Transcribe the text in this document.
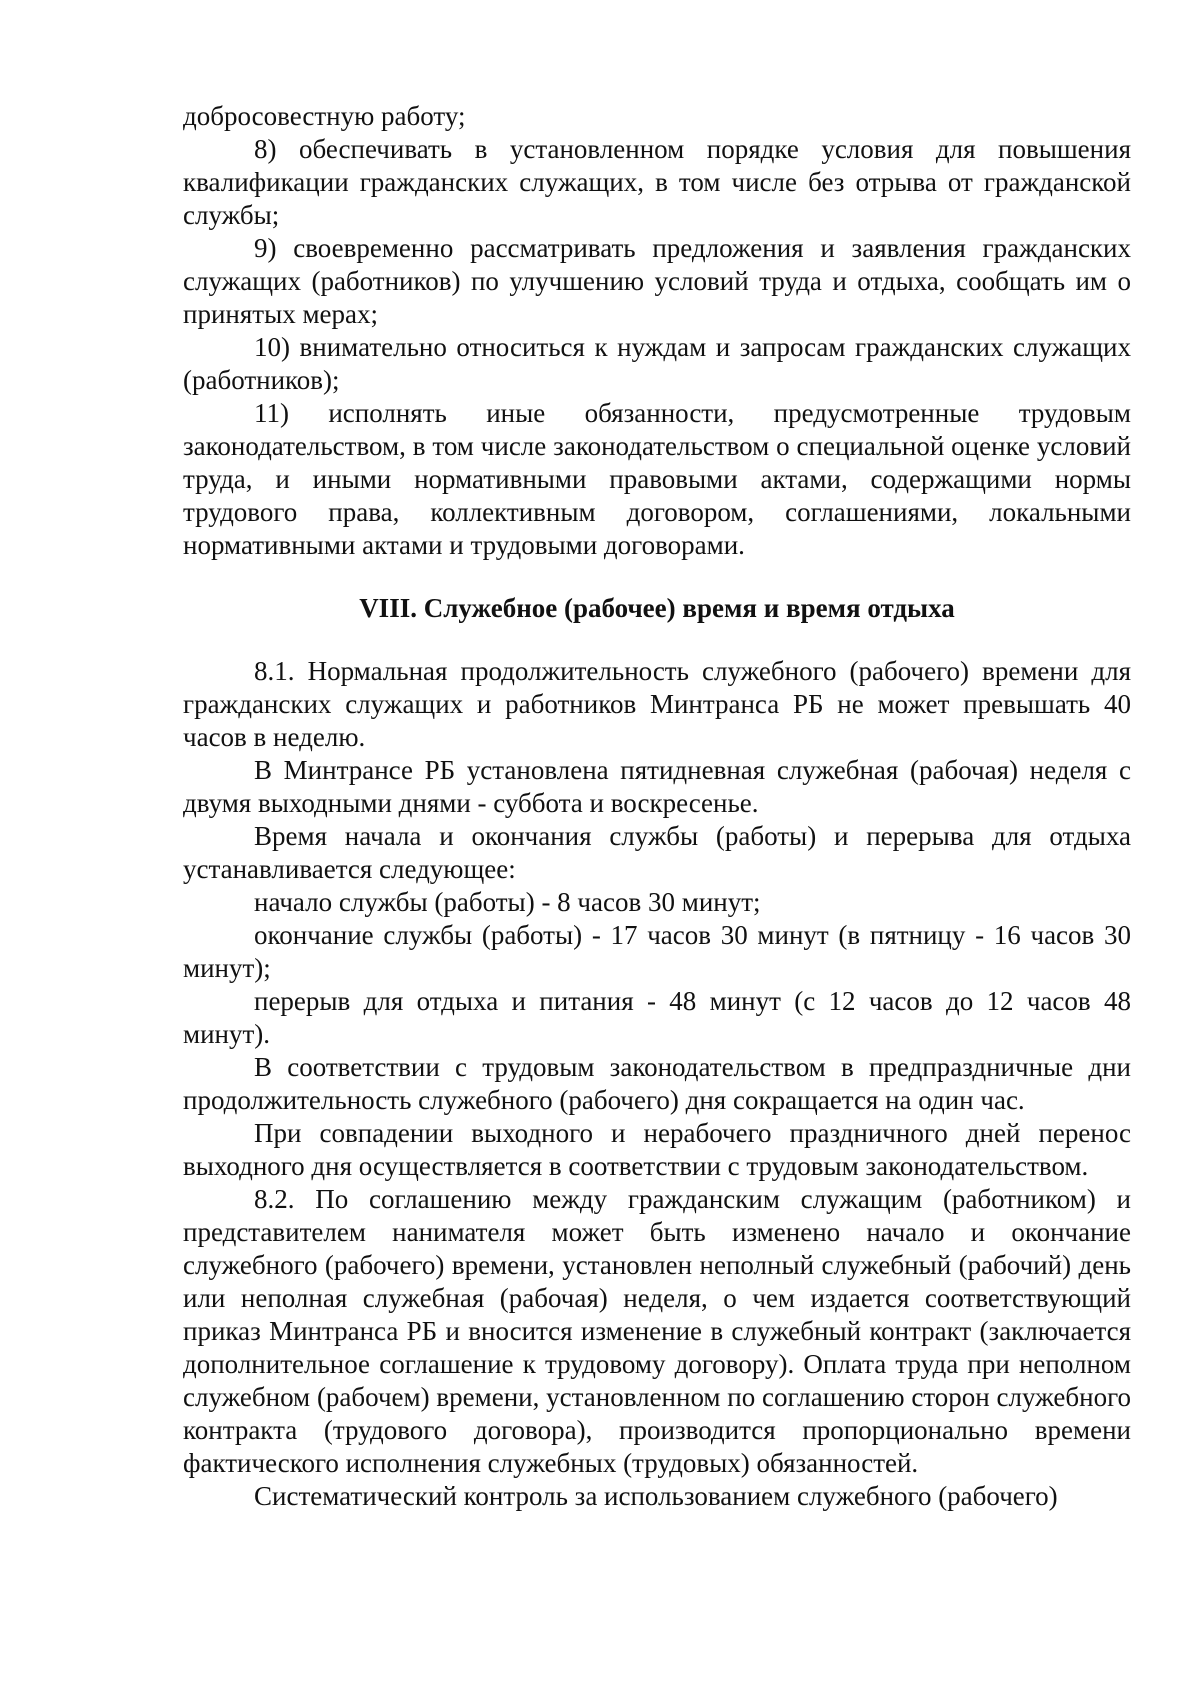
добросовестную работу;

8) обеспечивать в установленном порядке условия для повышения квалификации гражданских служащих, в том числе без отрыва от гражданской службы;

9) своевременно рассматривать предложения и заявления гражданских служащих (работников) по улучшению условий труда и отдыха, сообщать им о принятых мерах;

10) внимательно относиться к нуждам и запросам гражданских служащих (работников);

11) исполнять иные обязанности, предусмотренные трудовым законодательством, в том числе законодательством о специальной оценке условий труда, и иными нормативными правовыми актами, содержащими нормы трудового права, коллективным договором, соглашениями, локальными нормативными актами и трудовыми договорами.

VIII. Служебное (рабочее) время и время отдыха

8.1. Нормальная продолжительность служебного (рабочего) времени для гражданских служащих и работников Минтранса РБ не может превышать 40 часов в неделю.

В Минтрансе РБ установлена пятидневная служебная (рабочая) неделя с двумя выходными днями - суббота и воскресенье.

Время начала и окончания службы (работы) и перерыва для отдыха устанавливается следующее:

начало службы (работы) - 8 часов 30 минут;

окончание службы (работы) - 17 часов 30 минут (в пятницу - 16 часов 30 минут);

перерыв для отдыха и питания - 48 минут (с 12 часов до 12 часов 48 минут).

В соответствии с трудовым законодательством в предпраздничные дни продолжительность служебного (рабочего) дня сокращается на один час.

При совпадении выходного и нерабочего праздничного дней перенос выходного дня осуществляется в соответствии с трудовым законодательством.

8.2. По соглашению между гражданским служащим (работником) и представителем нанимателя может быть изменено начало и окончание служебного (рабочего) времени, установлен неполный служебный (рабочий) день или неполная служебная (рабочая) неделя, о чем издается соответствующий приказ Минтранса РБ и вносится изменение в служебный контракт (заключается дополнительное соглашение к трудовому договору). Оплата труда при неполном служебном (рабочем) времени, установленном по соглашению сторон служебного контракта (трудового договора), производится пропорционально времени фактического исполнения служебных (трудовых) обязанностей.

Систематический контроль за использованием служебного (рабочего)
